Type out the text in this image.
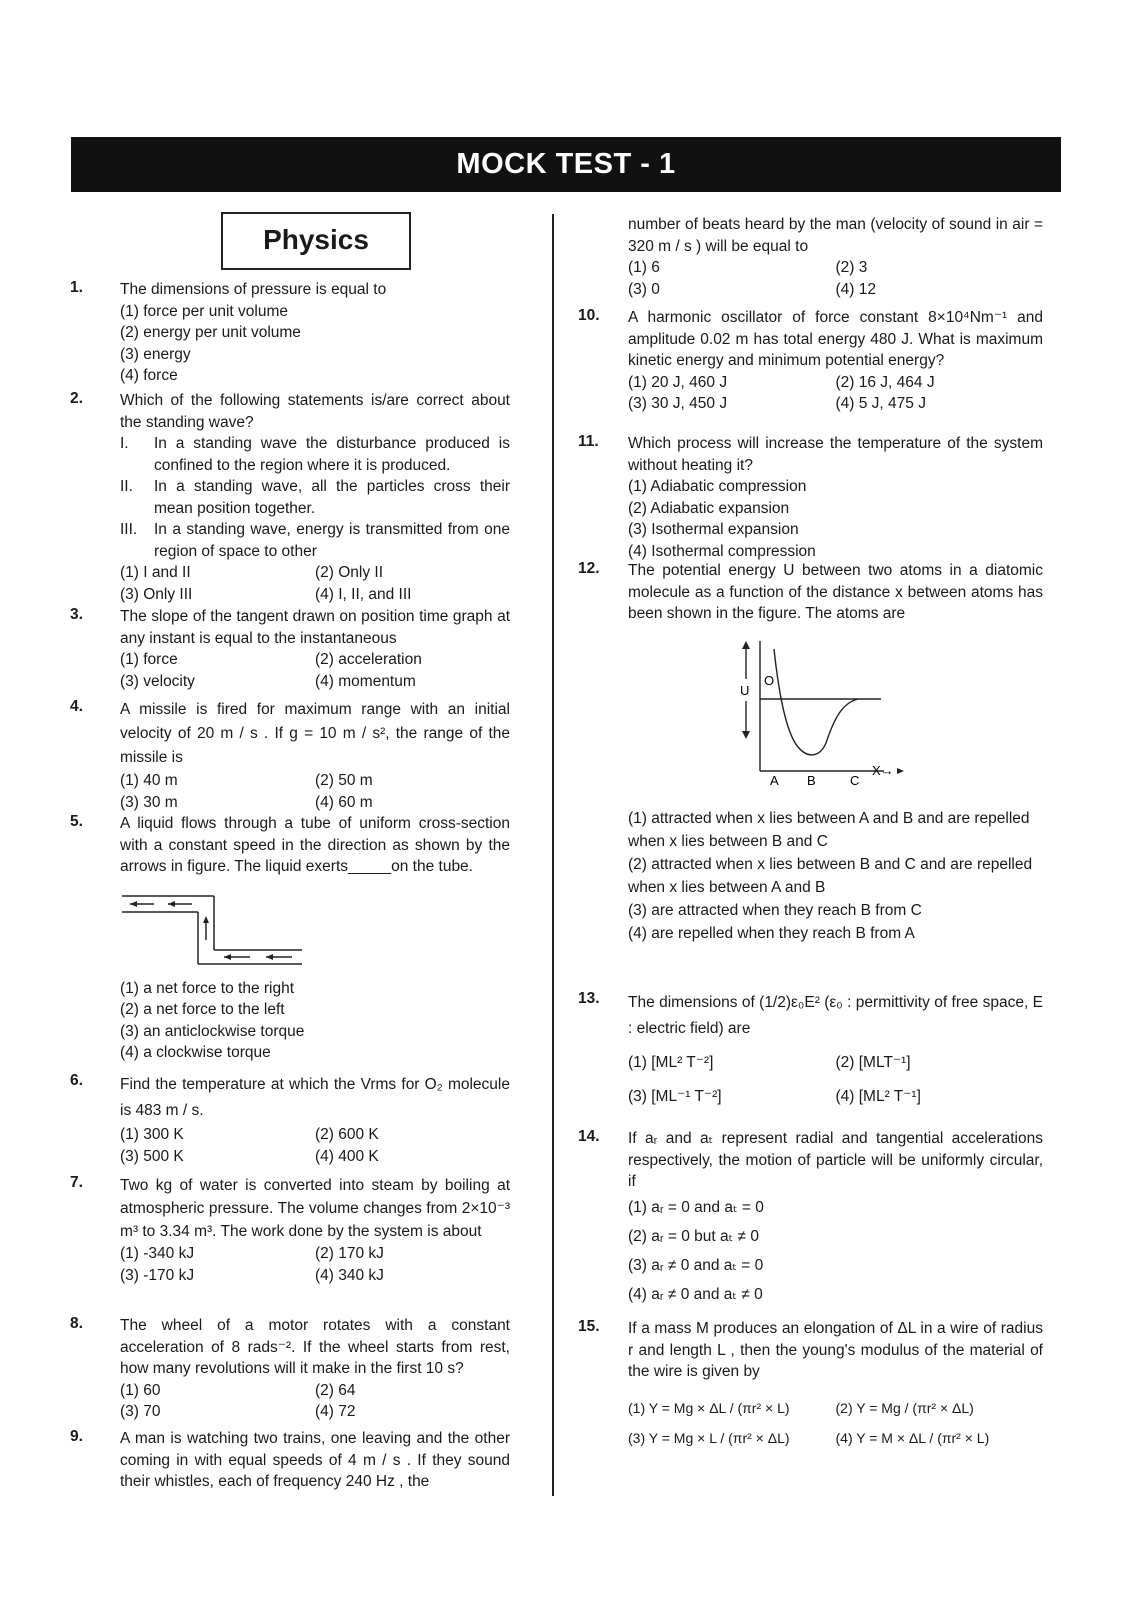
MOCK TEST - 1
Physics
1. The dimensions of pressure is equal to
(1) force per unit volume
(2) energy per unit volume
(3) energy
(4) force
2. Which of the following statements is/are correct about the standing wave?
I. In a standing wave the disturbance produced is confined to the region where it is produced.
II. In a standing wave, all the particles cross their mean position together.
III. In a standing wave, energy is transmitted from one region of space to other
(1) I and II	(2) Only II
(3) Only III	(4) I, II, and III
3. The slope of the tangent drawn on position time graph at any instant is equal to the instantaneous
(1) force	(2) acceleration
(3) velocity	(4) momentum
4. A missile is fired for maximum range with an initial velocity of 20 m / s . If g = 10 m / s², the range of the missile is
(1) 40 m	(2) 50 m
(3) 30 m	(4) 60 m
5. A liquid flows through a tube of uniform cross-section with a constant speed in the direction as shown by the arrows in figure. The liquid exerts_____on the tube.
(1) a net force to the right
(2) a net force to the left
(3) an anticlockwise torque
(4) a clockwise torque
6. Find the temperature at which the Vrms for O₂ molecule is 483 m / s.
(1) 300 K	(2) 600 K
(3) 500 K	(4) 400 K
7. Two kg of water is converted into steam by boiling at atmospheric pressure. The volume changes from 2×10⁻³ m³ to 3.34 m³. The work done by the system is about
(1) -340 kJ	(2) 170 kJ
(3) -170 kJ	(4) 340 kJ
8. The wheel of a motor rotates with a constant acceleration of 8 rads⁻². If the wheel starts from rest, how many revolutions will it make in the first 10 s?
(1) 60	(2) 64
(3) 70	(4) 72
9. A man is watching two trains, one leaving and the other coming in with equal speeds of 4 m / s . If they sound their whistles, each of frequency 240 Hz , the
number of beats heard by the man (velocity of sound in air = 320 m / s ) will be equal to
(1) 6	(2) 3
(3) 0	(4) 12
10. A harmonic oscillator of force constant 8×10⁴Nm⁻¹ and amplitude 0.02 m has total energy 480 J. What is maximum kinetic energy and minimum potential energy?
(1) 20 J, 460 J	(2) 16 J, 464 J
(3) 30 J, 450 J	(4) 5 J, 475 J
11. Which process will increase the temperature of the system without heating it?
(1) Adiabatic compression
(2) Adiabatic expansion
(3) Isothermal expansion
(4) Isothermal compression
12. The potential energy U between two atoms in a diatomic molecule as a function of the distance x between atoms has been shown in the figure. The atoms are
U
O
A B	C
X→
(1) attracted when x lies between A and B and are repelled when x lies between B and C
(2) attracted when x lies between B and C and are repelled when x lies between A and B
(3) are attracted when they reach B from C
(4) are repelled when they reach B from A
13. The dimensions of (1/2)ε₀E² (ε₀ : permittivity of free space, E : electric field) are
(1) [ML² T⁻²]	(2) [MLT⁻¹]
(3) [ML⁻¹ T⁻²]	(4) [ML² T⁻¹]
14. If aᵣ and aₜ represent radial and tangential accelerations respectively, the motion of particle will be uniformly circular, if
(1) aᵣ = 0 and aₜ = 0
(2) aᵣ = 0 but aₜ ≠ 0
(3) aᵣ ≠ 0 and aₜ = 0
(4) aᵣ ≠ 0 and aₜ ≠ 0
15. If a mass M produces an elongation of ΔL in a wire of radius r and length L , then the young's modulus of the material of the wire is given by
(1) Y = Mg × ΔL / (πr² × L)	(2) Y = Mg / (πr² × ΔL)
(3) Y = Mg × L / (πr² × ΔL)	(4) Y = M × ΔL / (πr² × L)
